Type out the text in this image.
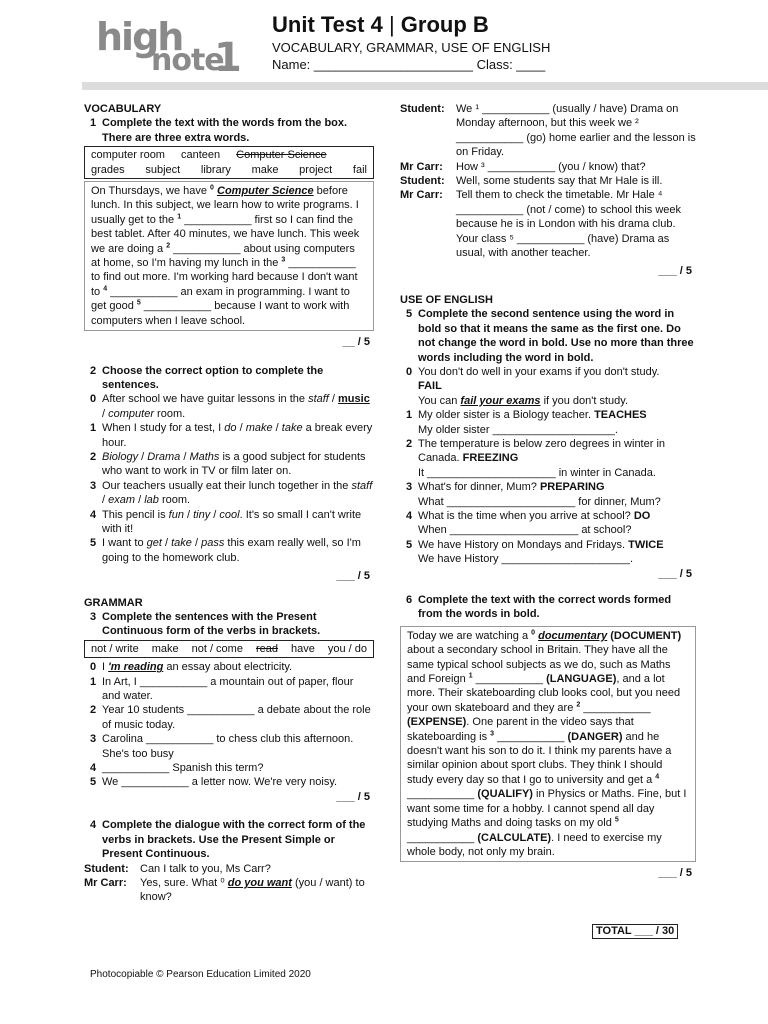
high
note
1
Unit Test 4 | Group B
VOCABULARY, GRAMMAR, USE OF ENGLISH
Name: ______________________ Class: ____
VOCABULARY
1 Complete the text with the words from the box. There are three extra words.
computer room canteen Computer Science
grades subject library make project fail
On Thursdays, we have $^0$ Computer Science before lunch. In this subject, we learn how to write programs. I usually get to the $^1$ ___________ first so I can find the best tablet. After 40 minutes, we have lunch. This week we are doing a $^2$ ___________ about using computers at home, so I'm having my lunch in the $^3$ ___________ to find out more. I'm working hard because I don't want to $^4$ ___________ an exam in programming. I want to get good $^5$ ___________ because I want to work with computers when I leave school.
__ / 5
2 Choose the correct option to complete the sentences.
0 After school we have guitar lessons in the staff / music / computer room.
1 When I study for a test, I do / make / take a break every hour.
2 Biology / Drama / Maths is a good subject for students who want to work in TV or film later on.
3 Our teachers usually eat their lunch together in the staff / exam / lab room.
4 This pencil is fun / tiny / cool. It's so small I can't write with it!
5 I want to get / take / pass this exam really well, so I'm going to the homework club.
___ / 5
GRAMMAR
3 Complete the sentences with the Present Continuous form of the verbs in brackets.
not / write make not / come read have you / do
0 I 'm reading an essay about electricity.
1 In Art, I ___________ a mountain out of paper, flour and water.
2 Year 10 students ___________ a debate about the role of music today.
3 Carolina ___________ to chess club this afternoon. She's too busy
4 ___________ Spanish this term?
5 We ___________ a letter now. We're very noisy.
___ / 5
4 Complete the dialogue with the correct form of the verbs in brackets. Use the Present Simple or Present Continuous.
Student:	Can I talk to you, Ms Carr?
Mr Carr:	Yes, sure. What ⁰ do you want (you / want) to know?
Student:	We ¹ ___________ (usually / have) Drama on Monday afternoon, but this week we ² ___________ (go) home earlier and the lesson is on Friday.
Mr Carr:	How ³ ___________ (you / know) that?
Student:	Well, some students say that Mr Hale is ill.
Mr Carr:	Tell them to check the timetable. Mr Hale ⁴ ___________ (not / come) to school this week because he is in London with his drama club. Your class ⁵ ___________ (have) Drama as usual, with another teacher.
___ / 5
USE OF ENGLISH
5 Complete the second sentence using the word in bold so that it means the same as the first one. Do not change the word in bold. Use no more than three words including the word in bold.
0 You don't do well in your exams if you don't study.
FAIL
You can fail your exams if you don't study.
1 My older sister is a Biology teacher. TEACHES
My older sister ____________________.
2 The temperature is below zero degrees in winter in Canada. FREEZING
It _____________________ in winter in Canada.
3 What's for dinner, Mum? PREPARING
What _____________________ for dinner, Mum?
4 What is the time when you arrive at school? DO
When _____________________ at school?
5 We have History on Mondays and Fridays. TWICE
We have History _____________________.
___ / 5
6 Complete the text with the correct words formed from the words in bold.
Today we are watching a $^0$ documentary (DOCUMENT) about a secondary school in Britain. They have all the same typical school subjects as we do, such as Maths and Foreign $^1$ ___________ (LANGUAGE), and a lot more. Their skateboarding club looks cool, but you need your own skateboard and they are $^2$ ___________ (EXPENSE). One parent in the video says that skateboarding is $^3$ ___________ (DANGER) and he doesn't want his son to do it. I think my parents have a similar opinion about sport clubs. They think I should study every day so that I go to university and get a $^4$ ___________ (QUALIFY) in Physics or Maths. Fine, but I want some time for a hobby. I cannot spend all day studying Maths and doing tasks on my old $^5$ ___________ (CALCULATE). I need to exercise my whole body, not only my brain.
___ / 5
TOTAL ___ / 30
Photocopiable © Pearson Education Limited 2020
